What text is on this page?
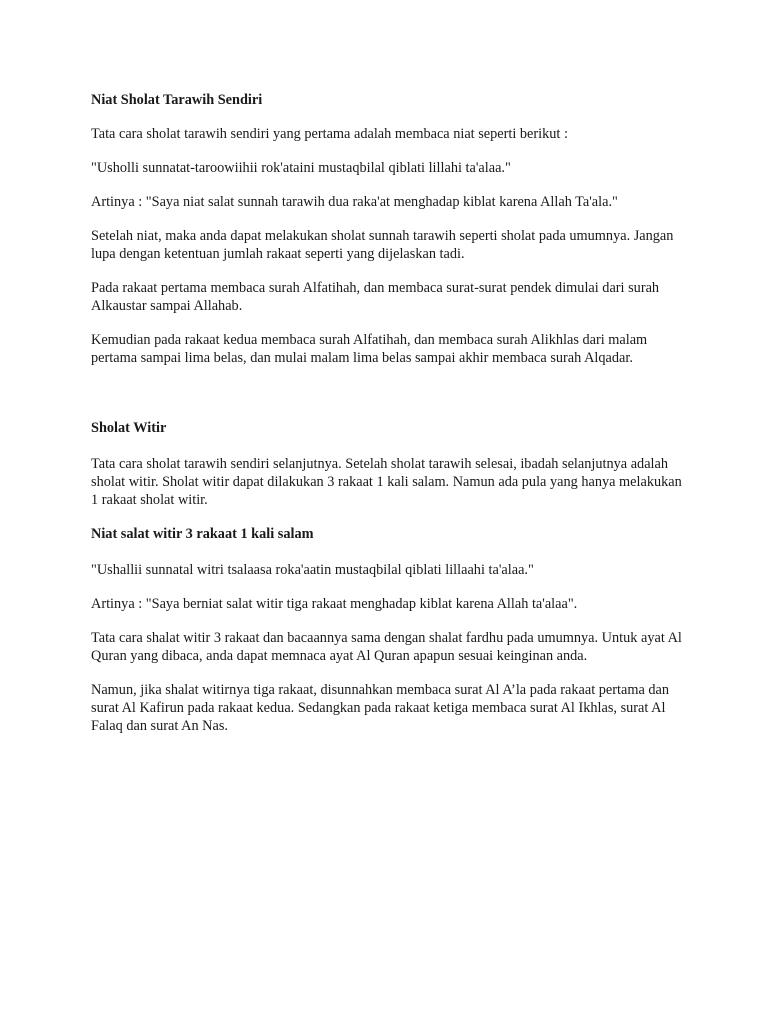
Niat Sholat Tarawih Sendiri

Tata cara sholat tarawih sendiri yang pertama adalah membaca niat seperti berikut :

"Usholli sunnatat-taroowiihii rok'ataini mustaqbilal qiblati lillahi ta'alaa."

Artinya : "Saya niat salat sunnah tarawih dua raka'at menghadap kiblat karena Allah Ta'ala."

Setelah niat, maka anda dapat melakukan sholat sunnah tarawih seperti sholat pada umumnya. Jangan lupa dengan ketentuan jumlah rakaat seperti yang dijelaskan tadi.

Pada rakaat pertama membaca surah Alfatihah, dan membaca surat-surat pendek dimulai dari surah Alkaustar sampai Allahab.

Kemudian pada rakaat kedua membaca surah Alfatihah, dan membaca surah Alikhlas dari malam pertama sampai lima belas, dan mulai malam lima belas sampai akhir membaca surah Alqadar.

Sholat Witir

Tata cara sholat tarawih sendiri selanjutnya. Setelah sholat tarawih selesai, ibadah selanjutnya adalah sholat witir. Sholat witir dapat dilakukan 3 rakaat 1 kali salam. Namun ada pula yang hanya melakukan 1 rakaat sholat witir.

Niat salat witir 3 rakaat 1 kali salam

"Ushallii sunnatal witri tsalaasa roka'aatin mustaqbilal qiblati lillaahi ta'alaa."

Artinya : "Saya berniat salat witir tiga rakaat menghadap kiblat karena Allah ta'alaa".

Tata cara shalat witir 3 rakaat dan bacaannya sama dengan shalat fardhu pada umumnya. Untuk ayat Al Quran yang dibaca, anda dapat memnaca ayat Al Quran apapun sesuai keinginan anda.

Namun, jika shalat witirnya tiga rakaat, disunnahkan membaca surat Al A’la pada rakaat pertama dan surat Al Kafirun pada rakaat kedua. Sedangkan pada rakaat ketiga membaca surat Al Ikhlas, surat Al Falaq dan surat An Nas.
